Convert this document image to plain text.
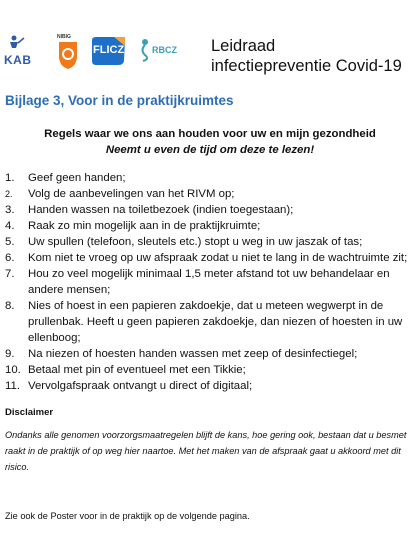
KAB
NIBIG
FLICZ	RBCZ Leidraad
infectiepreventie Covid-19
Bijlage 3, Voor in de praktijkruimtes
Regels waar we ons aan houden voor uw en mijn gezondheid
Neemt u even de tijd om deze te lezen!
1. Geef geen handen;
2. Volg de aanbevelingen van het RIVM op;
3. Handen wassen na toiletbezoek (indien toegestaan);
4. Raak zo min mogelijk aan in de praktijkruimte;
5. Uw spullen (telefoon, sleutels etc.) stopt u weg in uw jaszak of tas;
6. Kom niet te vroeg op uw afspraak zodat u niet te lang in de wachtruimte zit;
7. Hou zo veel mogelijk minimaal 1,5 meter afstand tot uw behandelaar en
andere mensen;
8. Nies of hoest in een papieren zakdoekje, dat u meteen wegwerpt in de
prullenbak. Heeft u geen papieren zakdoekje, dan niezen of hoesten in uw
ellenboog;
9. Na niezen of hoesten handen wassen met zeep of desinfectiegel;
10. Betaal met pin of eventueel met een Tikkie;
11. Vervolgafspraak ontvangt u direct of digitaal;
Disclaimer
Ondanks alle genomen voorzorgsmaatregelen blijft de kans, hoe gering ook, bestaan dat u besmet raakt in de praktijk of op weg hier naartoe. Met het maken van de afspraak gaat u akkoord met dit risico.
Zie ook de Poster voor in de praktijk op de volgende pagina.
